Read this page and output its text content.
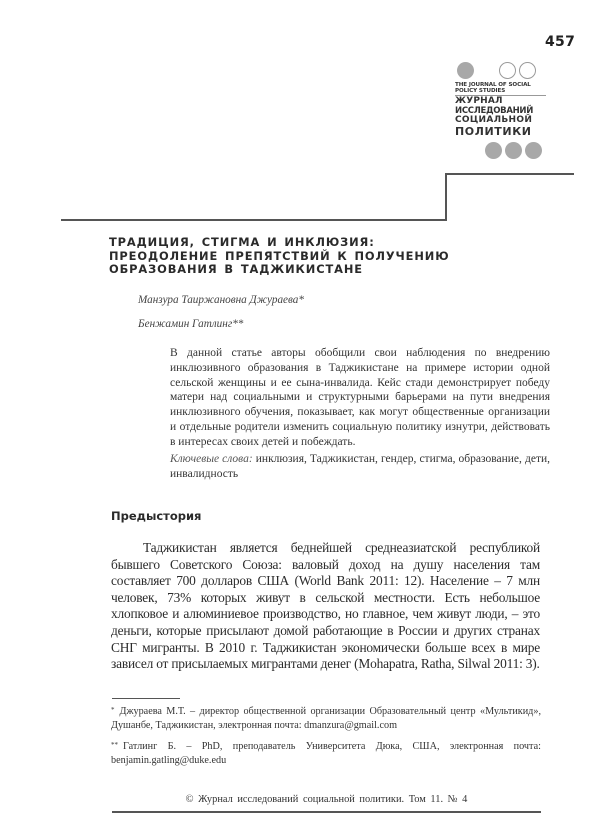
457
THE JOURNAL OF SOCIAL
POLICY STUDIES
ЖУРНАЛ
ИССЛЕДОВАНИЙ
СОЦИАЛЬНОЙ
ПОЛИТИКИ
ТРАДИЦИЯ, СТИГМА И ИНКЛЮЗИЯ:
ПРЕОДОЛЕНИЕ ПРЕПЯТСТВИЙ К ПОЛУЧЕНИЮ
ОБРАЗОВАНИЯ В ТАДЖИКИСТАНЕ
Манзура Таиржановна Джураева*
Бенжамин Гатлинг**
В данной статье авторы обобщили свои наблюдения по внедрению инклюзивного образования в Таджикистане на примере истории одной сельской женщины и ее сына-инвалида. Кейс стади демонстрирует победу матери над социальными и структурными барьерами на пути внедрения инклюзивного обучения, показывает, как могут общественные организации и отдельные родители изменить социальную политику изнутри, действовать в интересах своих детей и побеждать.
Ключевые слова: инклюзия, Таджикистан, гендер, стигма, образование, дети, инвалидность
Предыстория
Таджикистан является беднейшей среднеазиатской республикой бывшего Советского Союза: валовый доход на душу населения там составляет 700 долларов США (World Bank 2011: 12). Население – 7 млн человек, 73% которых живут в сельской местности. Есть небольшое хлопковое и алюминиевое производство, но главное, чем живут люди, – это деньги, которые присылают домой работающие в России и других странах СНГ мигранты. В 2010 г. Таджикистан экономически больше всех в мире зависел от присылаемых мигрантами денег (Mohapatra, Ratha, Silwal 2011: 3).
* Джураева М.Т. – директор общественной организации Образовательный центр «Мультикид», Душанбе, Таджикистан, электронная почта: dmanzura@gmail.com
** Гатлинг Б. – PhD, преподаватель Университета Дюка, США, электронная почта: benjamin.gatling@duke.edu
© Журнал исследований социальной политики. Том 11. № 4
